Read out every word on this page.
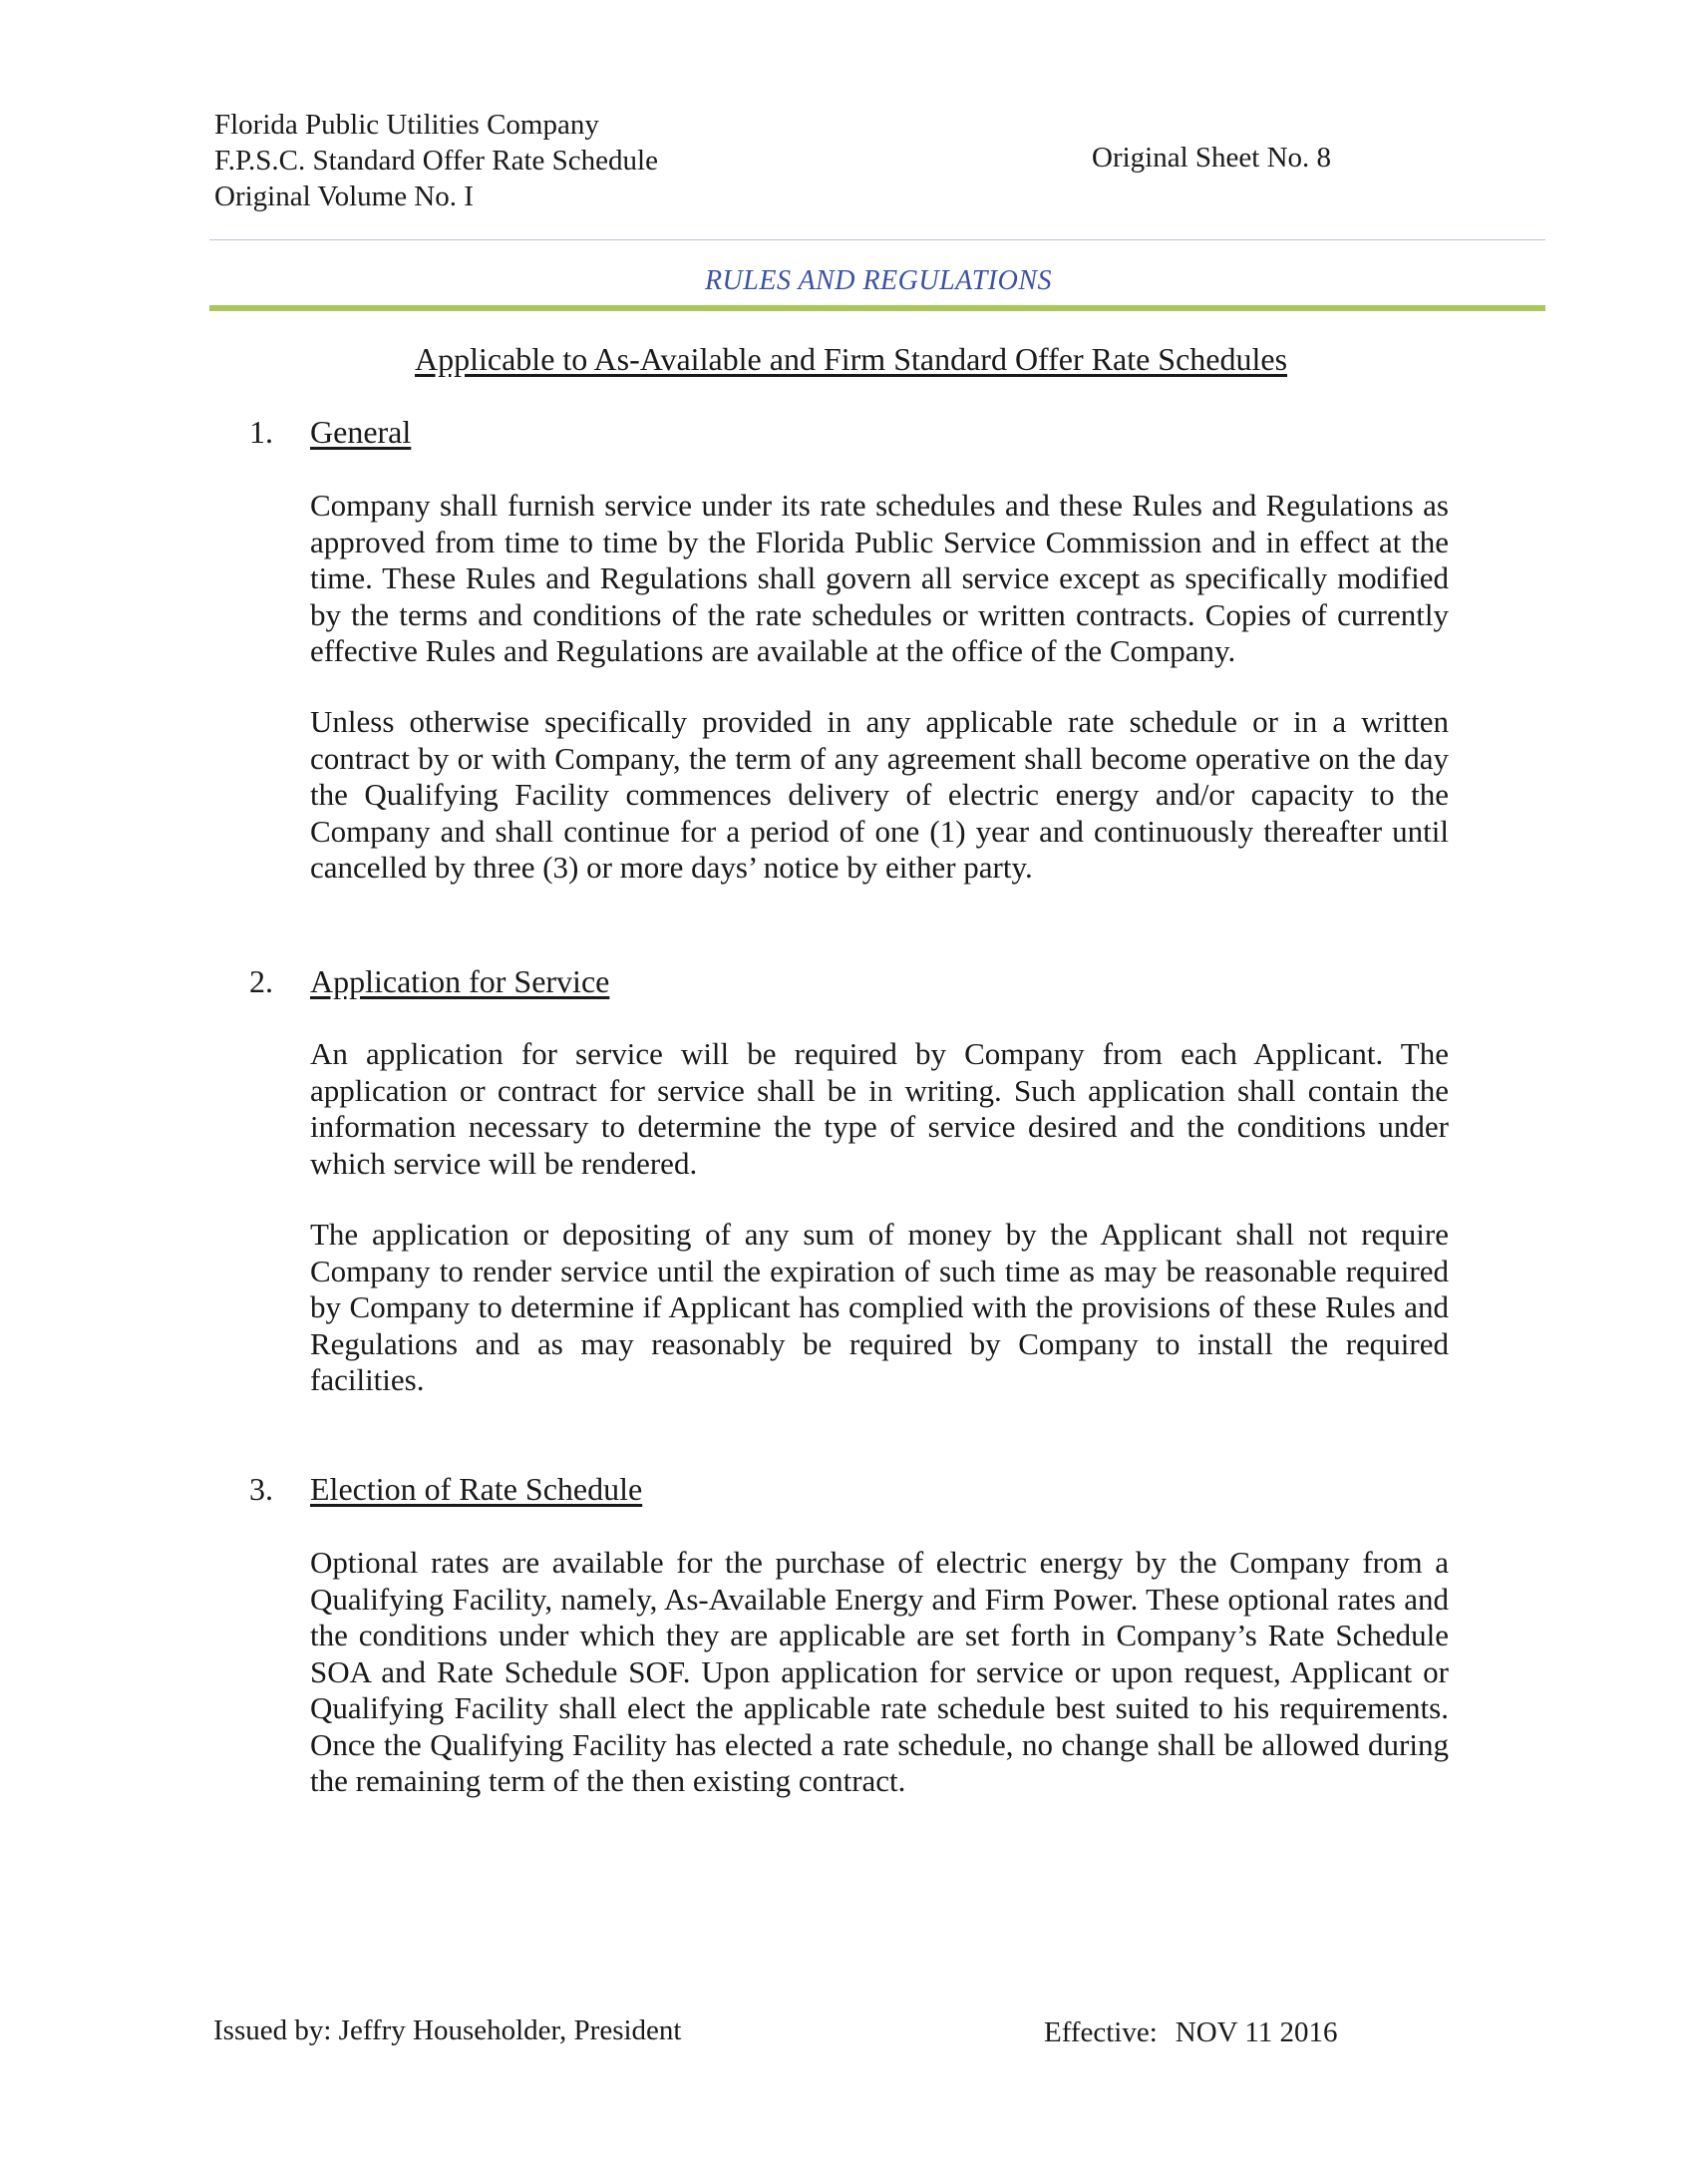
Florida Public Utilities Company
F.P.S.C. Standard Offer Rate Schedule
Original Volume No. I
Original Sheet No. 8
RULES AND REGULATIONS
Applicable to As-Available and Firm Standard Offer Rate Schedules
1. General
Company shall furnish service under its rate schedules and these Rules and Regulations as approved from time to time by the Florida Public Service Commission and in effect at the time. These Rules and Regulations shall govern all service except as specifically modified by the terms and conditions of the rate schedules or written contracts. Copies of currently effective Rules and Regulations are available at the office of the Company.
Unless otherwise specifically provided in any applicable rate schedule or in a written contract by or with Company, the term of any agreement shall become operative on the day the Qualifying Facility commences delivery of electric energy and/or capacity to the Company and shall continue for a period of one (1) year and continuously thereafter until cancelled by three (3) or more days’ notice by either party.
2. Application for Service
An application for service will be required by Company from each Applicant. The application or contract for service shall be in writing. Such application shall contain the information necessary to determine the type of service desired and the conditions under which service will be rendered.
The application or depositing of any sum of money by the Applicant shall not require Company to render service until the expiration of such time as may be reasonable required by Company to determine if Applicant has complied with the provisions of these Rules and Regulations and as may reasonably be required by Company to install the required facilities.
3. Election of Rate Schedule
Optional rates are available for the purchase of electric energy by the Company from a Qualifying Facility, namely, As-Available Energy and Firm Power. These optional rates and the conditions under which they are applicable are set forth in Company’s Rate Schedule SOA and Rate Schedule SOF. Upon application for service or upon request, Applicant or Qualifying Facility shall elect the applicable rate schedule best suited to his requirements. Once the Qualifying Facility has elected a rate schedule, no change shall be allowed during the remaining term of the then existing contract.
Issued by: Jeffry Householder, President	Effective: NOV 11 2016
